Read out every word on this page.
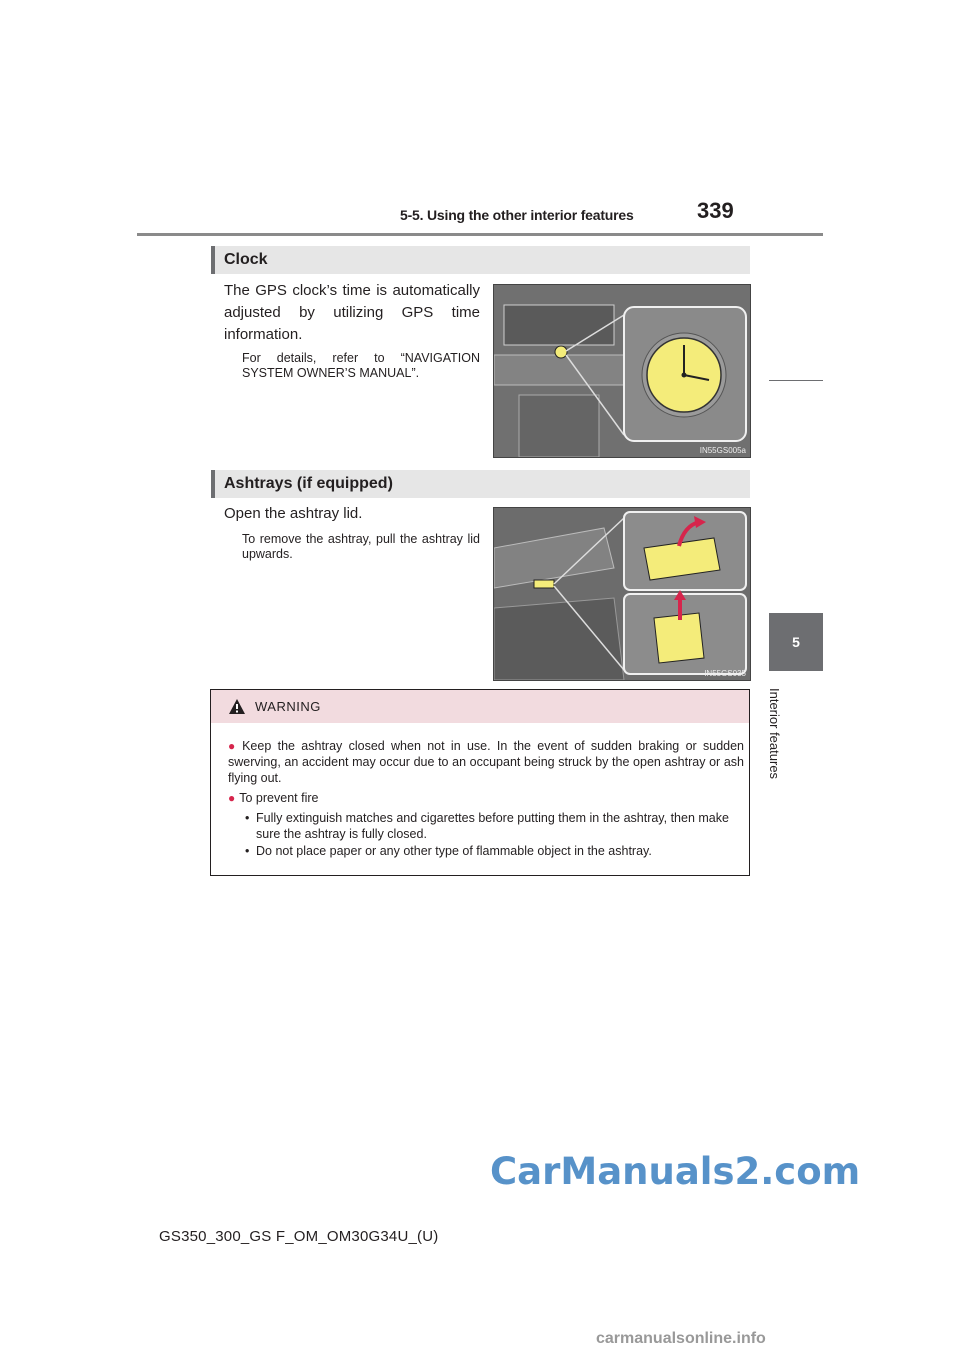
5-5. Using the other interior features	339
5
Interior features
Clock
The GPS clock’s time is automatically adjusted by utilizing GPS time information.
For details, refer to “NAVIGATION SYSTEM OWNER’S MANUAL”.
IN55GS005a
Ashtrays (if equipped)
Open the ashtray lid.
To remove the ashtray, pull the ashtray lid upwards.
IN55GS035
WARNING
● Keep the ashtray closed when not in use. In the event of sudden braking or sudden swerving, an accident may occur due to an occupant being struck by the open ashtray or ash flying out.
● To prevent fire
• Fully extinguish matches and cigarettes before putting them in the ashtray, then make sure the ashtray is fully closed.
• Do not place paper or any other type of flammable object in the ashtray.
GS350_300_GS F_OM_OM30G34U_(U)
CarManuals2.com
carmanualsonline.info
